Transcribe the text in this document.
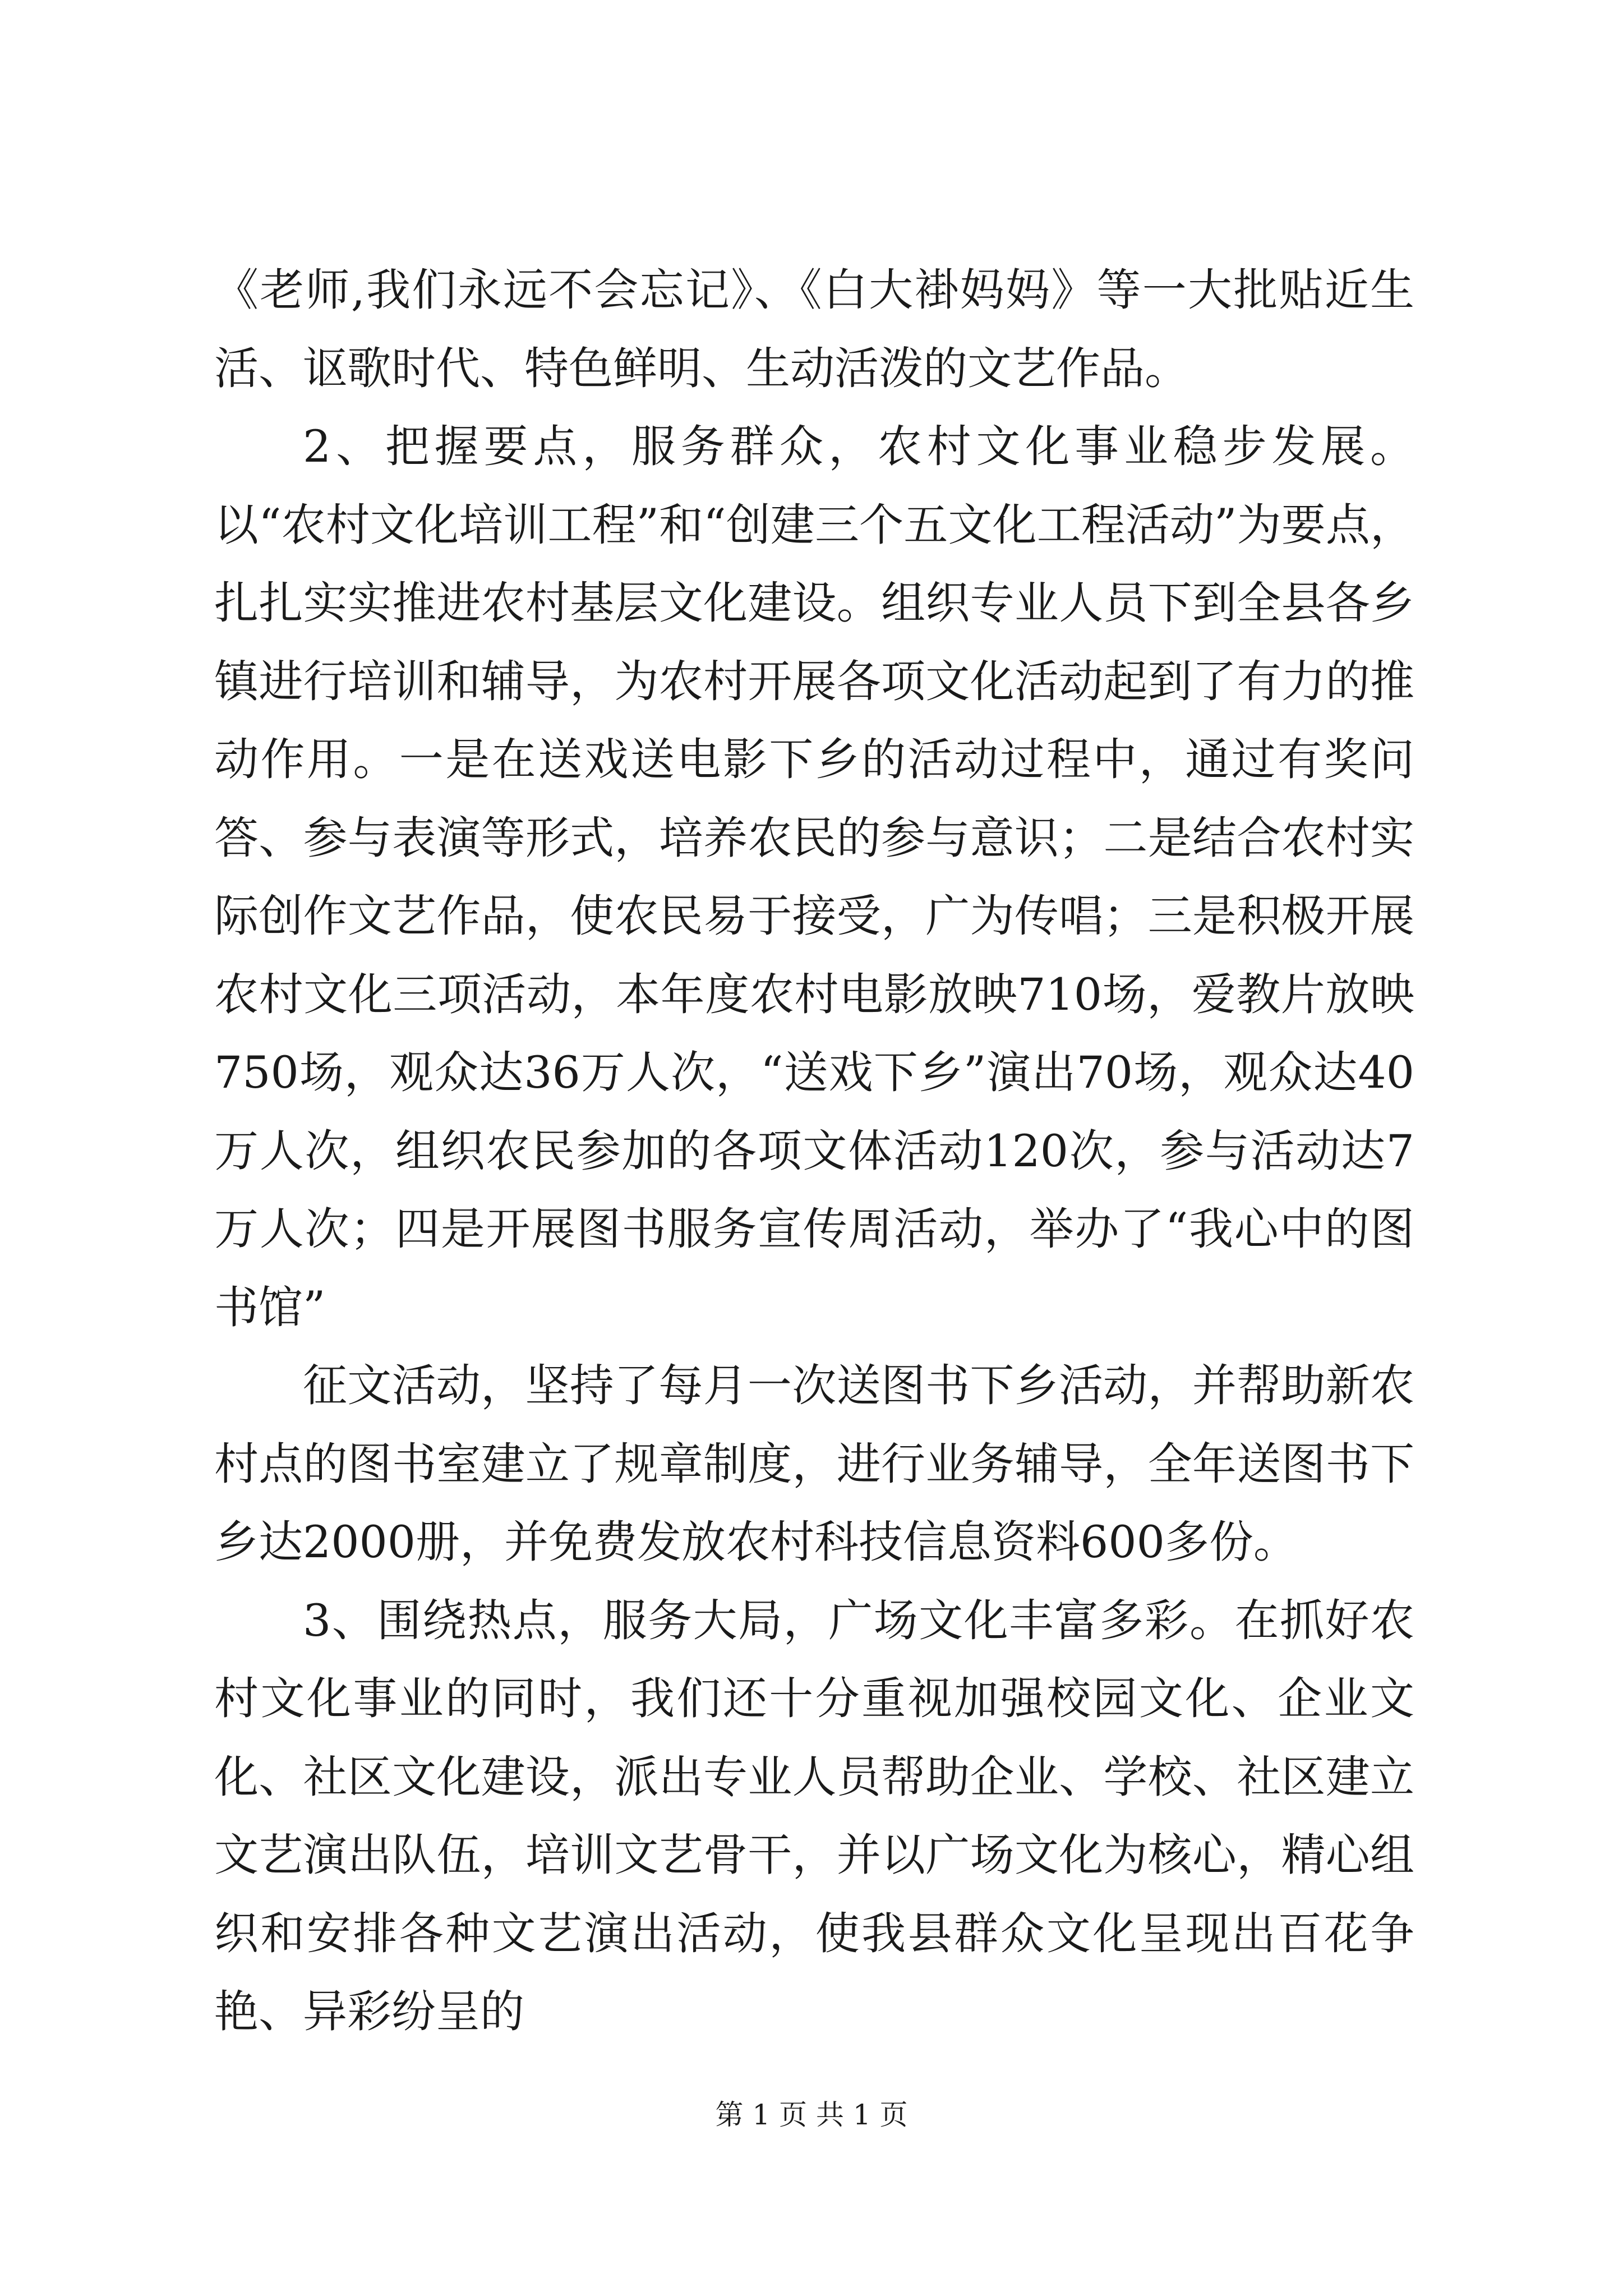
《老师,我们永远不会忘记》、《白大褂妈妈》等一大批贴近生活、讴歌时代、特色鲜明、生动活泼的文艺作品。

2、把握要点，服务群众，农村文化事业稳步发展。以“农村文化培训工程”和“创建三个五文化工程活动”为要点，扎扎实实推进农村基层文化建设。组织专业人员下到全县各乡镇进行培训和辅导，为农村开展各项文化活动起到了有力的推动作用。一是在送戏送电影下乡的活动过程中，通过有奖问答、参与表演等形式，培养农民的参与意识；二是结合农村实际创作文艺作品，使农民易于接受，广为传唱；三是积极开展农村文化三项活动，本年度农村电影放映710场，爱教片放映750场，观众达36万人次，“送戏下乡”演出70场，观众达40万人次，组织农民参加的各项文体活动120次，参与活动达7万人次；四是开展图书服务宣传周活动，举办了“我心中的图书馆”

征文活动，坚持了每月一次送图书下乡活动，并帮助新农村点的图书室建立了规章制度，进行业务辅导，全年送图书下乡达2000册，并免费发放农村科技信息资料600多份。

3、围绕热点，服务大局，广场文化丰富多彩。在抓好农村文化事业的同时，我们还十分重视加强校园文化、企业文化、社区文化建设，派出专业人员帮助企业、学校、社区建立文艺演出队伍，培训文艺骨干，并以广场文化为核心，精心组织和安排各种文艺演出活动，使我县群众文化呈现出百花争艳、异彩纷呈的

第 1 页 共 1 页
